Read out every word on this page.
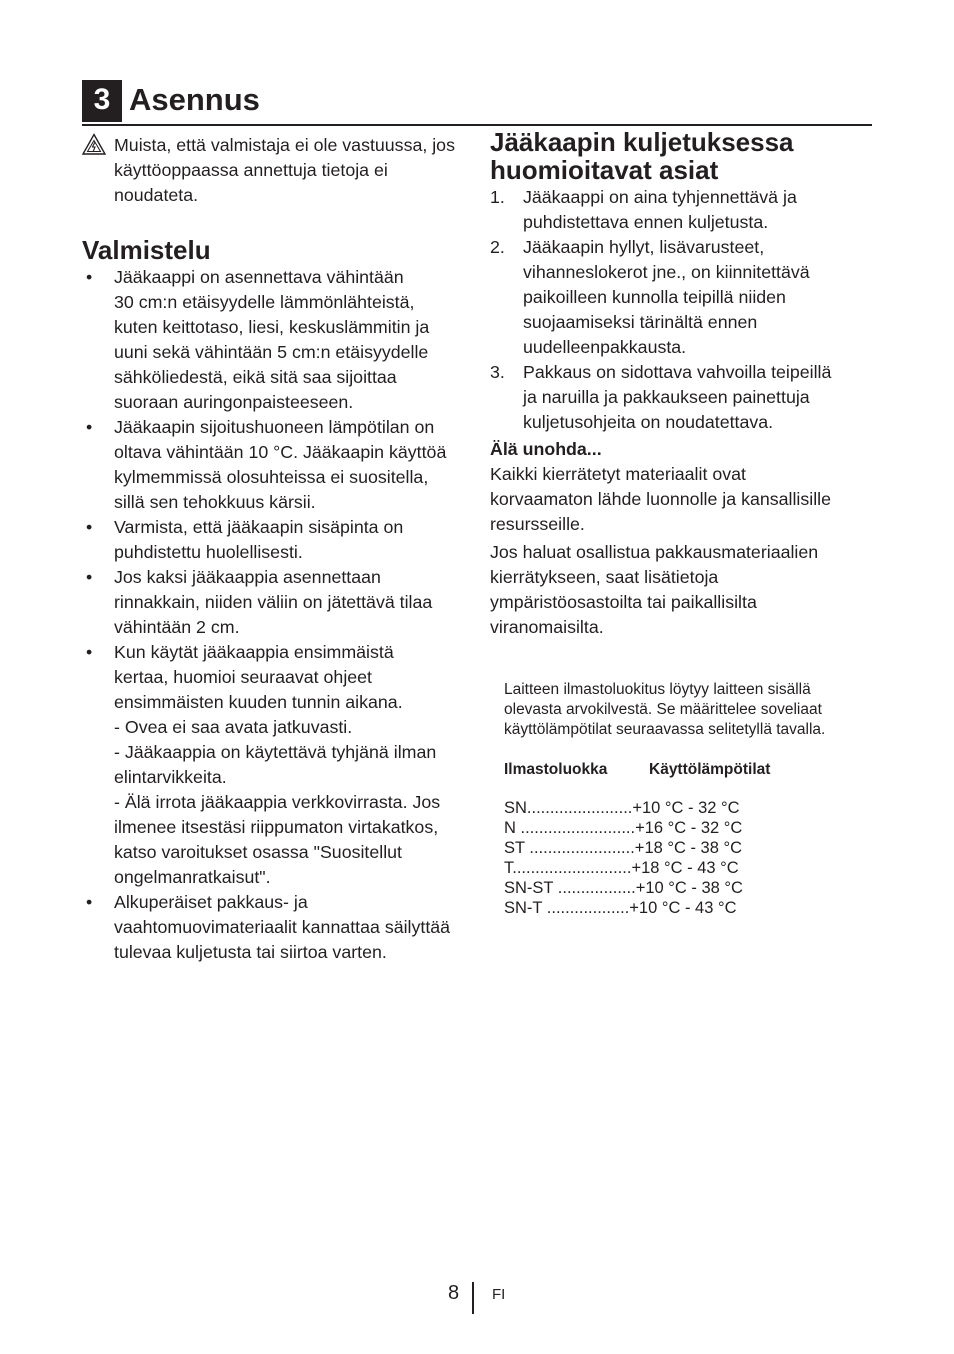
3 Asennus
Muista, että valmistaja ei ole vastuussa, jos käyttöoppaassa annettuja tietoja ei noudateta.
Valmistelu
• Jääkaappi on asennettava vähintään
30 cm:n etäisyydelle lämmönlähteistä,
kuten keittotaso, liesi, keskuslämmitin ja
uuni sekä vähintään 5 cm:n etäisyydelle
sähköliedestä, eikä sitä saa sijoittaa
suoraan auringonpaisteeseen.
• Jääkaapin sijoitushuoneen lämpötilan on
oltava vähintään 10 °C. Jääkaapin käyttöä
kylmemmissä olosuhteissa ei suositella,
sillä sen tehokkuus kärsii.
• Varmista, että jääkaapin sisäpinta on
puhdistettu huolellisesti.
• Jos kaksi jääkaappia asennettaan
rinnakkain, niiden väliin on jätettävä tilaa
vähintään 2 cm.
• Kun käytät jääkaappia ensimmäistä
kertaa, huomioi seuraavat ohjeet
ensimmäisten kuuden tunnin aikana.
- Ovea ei saa avata jatkuvasti.
- Jääkaappia on käytettävä tyhjänä ilman
elintarvikkeita.
- Älä irrota jääkaappia verkkovirrasta. Jos
ilmenee itsestäsi riippumaton virtakatkos,
katso varoitukset osassa "Suositellut
ongelmanratkaisut".
• Alkuperäiset pakkaus- ja
vaahtomuovimateriaalit kannattaa säilyttää
tulevaa kuljetusta tai siirtoa varten.
Jääkaapin kuljetuksessa
huomioitavat asiat
1. Jääkaappi on aina tyhjennettävä ja
puhdistettava ennen kuljetusta.
2. Jääkaapin hyllyt, lisävarusteet,
vihanneslokerot jne., on kiinnitettävä
paikoilleen kunnolla teipillä niiden
suojaamiseksi tärinältä ennen
uudelleenpakkausta.
3. Pakkaus on sidottava vahvoilla teipeillä
ja naruilla ja pakkaukseen painettuja
kuljetusohjeita on noudatettava.
Älä unohda...

Kaikki kierrätetyt materiaalit ovat
korvaamaton lähde luonnolle ja kansallisille
resursseille.

Jos haluat osallistua pakkausmateriaalien
kierrätykseen, saat lisätietoja
ympäristöosastoilta tai paikallisilta
viranomaisilta.

Laitteen ilmastoluokitus löytyy laitteen sisällä
olevasta arvokilvestä. Se määrittelee soveliaat
käyttölämpötilat seuraavassa selitetyllä tavalla.
Ilmastoluokka	Käyttölämpötilat
SN.......................+10 °C - 32 °C
N .........................+16 °C - 32 °C
ST .......................+18 °C - 38 °C
T..........................+18 °C - 43 °C
SN-ST .................+10 °C - 38 °C
SN-T ..................+10 °C - 43 °C
8 FI
